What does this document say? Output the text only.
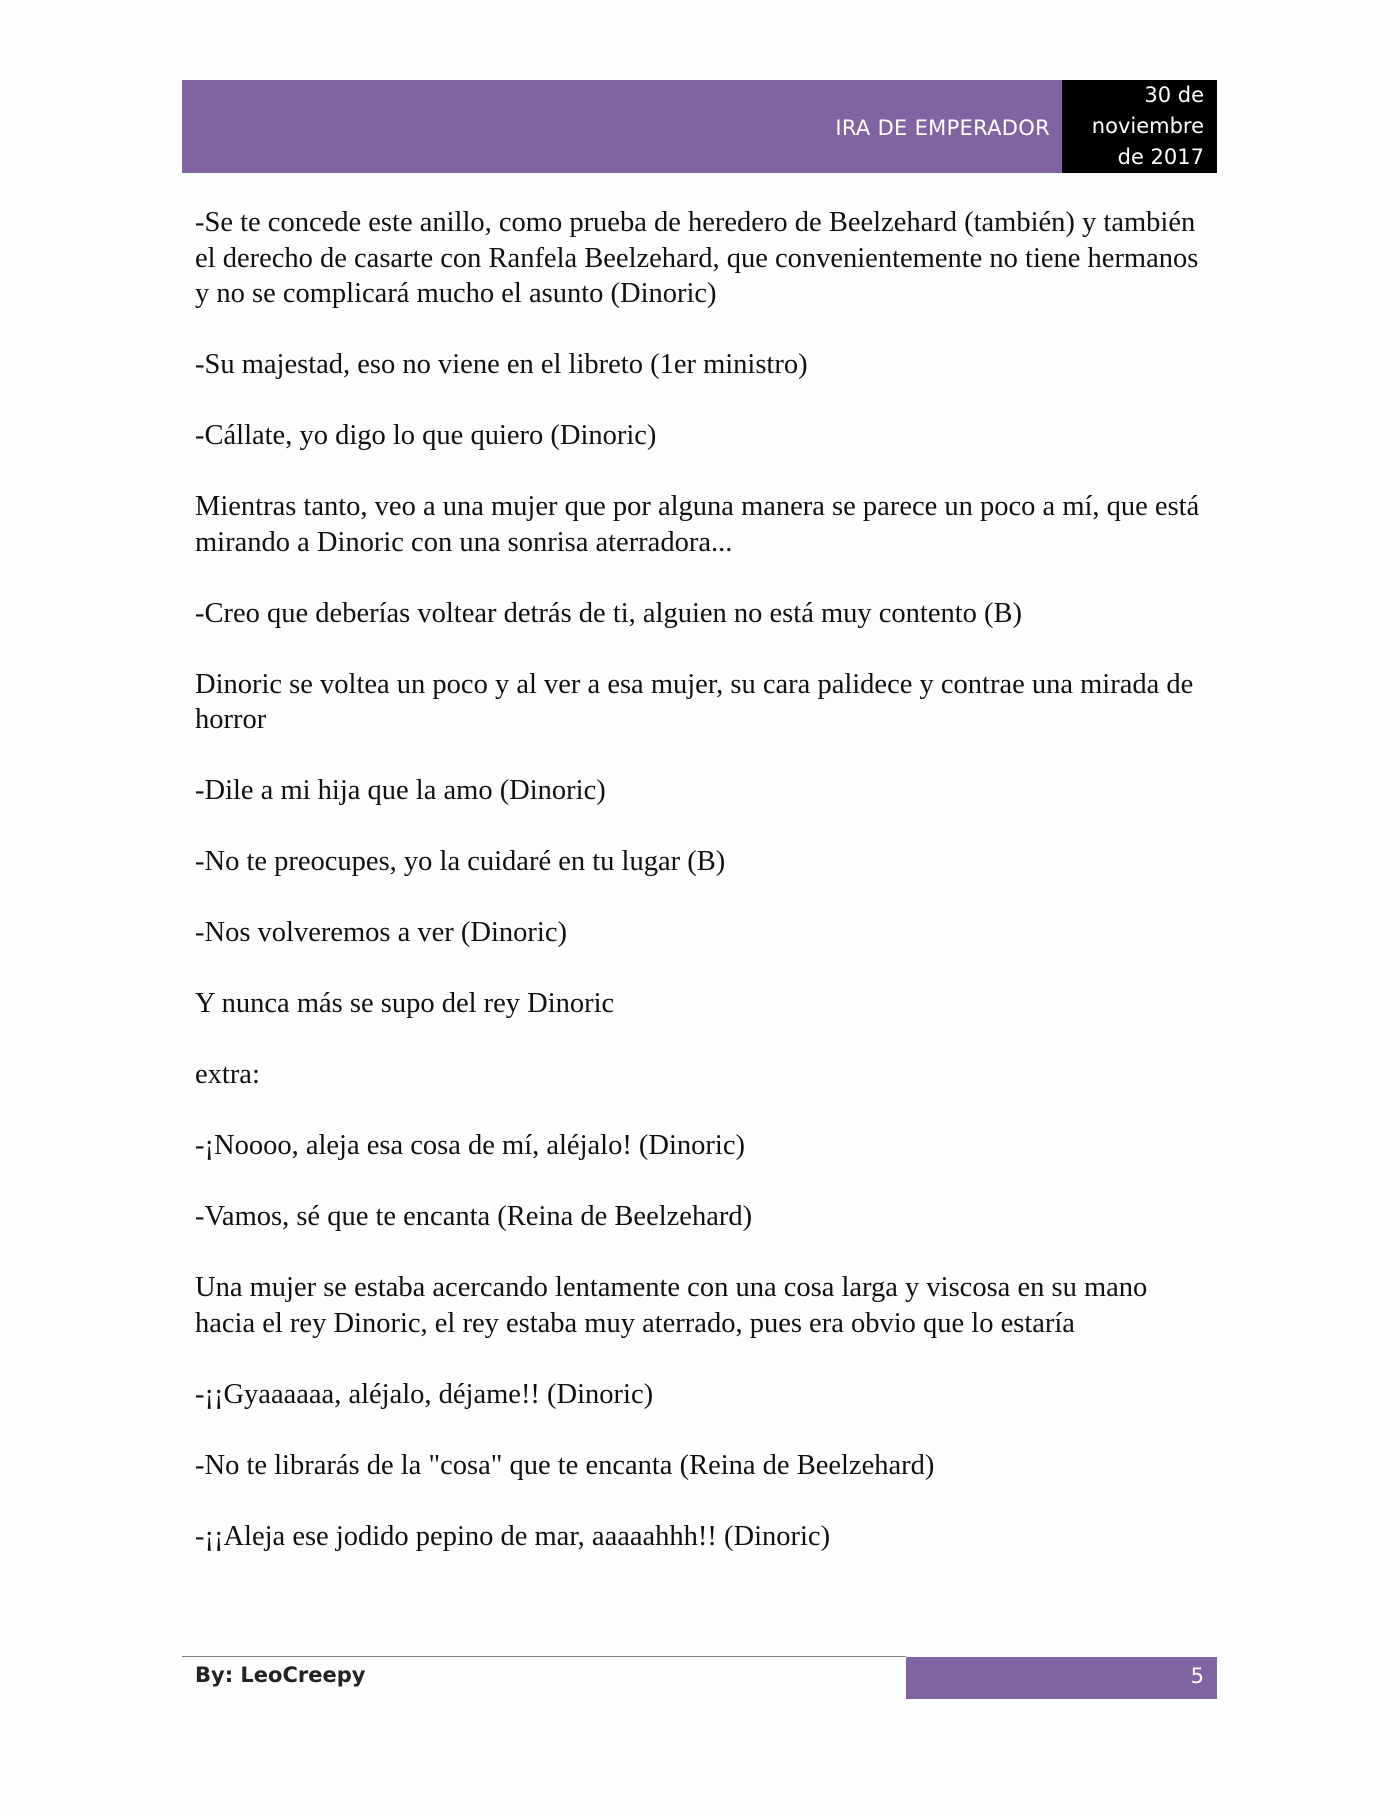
IRA DE EMPERADOR
30 de
noviembre
de 2017

-Se te concede este anillo, como prueba de heredero de Beelzehard (también) y también el derecho de casarte con Ranfela Beelzehard, que convenientemente no tiene hermanos y no se complicará mucho el asunto (Dinoric)

-Su majestad, eso no viene en el libreto (1er ministro)

-Cállate, yo digo lo que quiero (Dinoric)

Mientras tanto, veo a una mujer que por alguna manera se parece un poco a mí, que está mirando a Dinoric con una sonrisa aterradora...

-Creo que deberías voltear detrás de ti, alguien no está muy contento (B)

Dinoric se voltea un poco y al ver a esa mujer, su cara palidece y contrae una mirada de horror

-Dile a mi hija que la amo (Dinoric)

-No te preocupes, yo la cuidaré en tu lugar (B)

-Nos volveremos a ver (Dinoric)

Y nunca más se supo del rey Dinoric

extra:

-¡Noooo, aleja esa cosa de mí, aléjalo! (Dinoric)

-Vamos, sé que te encanta (Reina de Beelzehard)

Una mujer se estaba acercando lentamente con una cosa larga y viscosa en su mano hacia el rey Dinoric, el rey estaba muy aterrado, pues era obvio que lo estaría

-¡¡Gyaaaaaa, aléjalo, déjame!! (Dinoric)

-No te librarás de la "cosa" que te encanta (Reina de Beelzehard)

-¡¡Aleja ese jodido pepino de mar, aaaaahhh!! (Dinoric)

By: LeoCreepy	5
